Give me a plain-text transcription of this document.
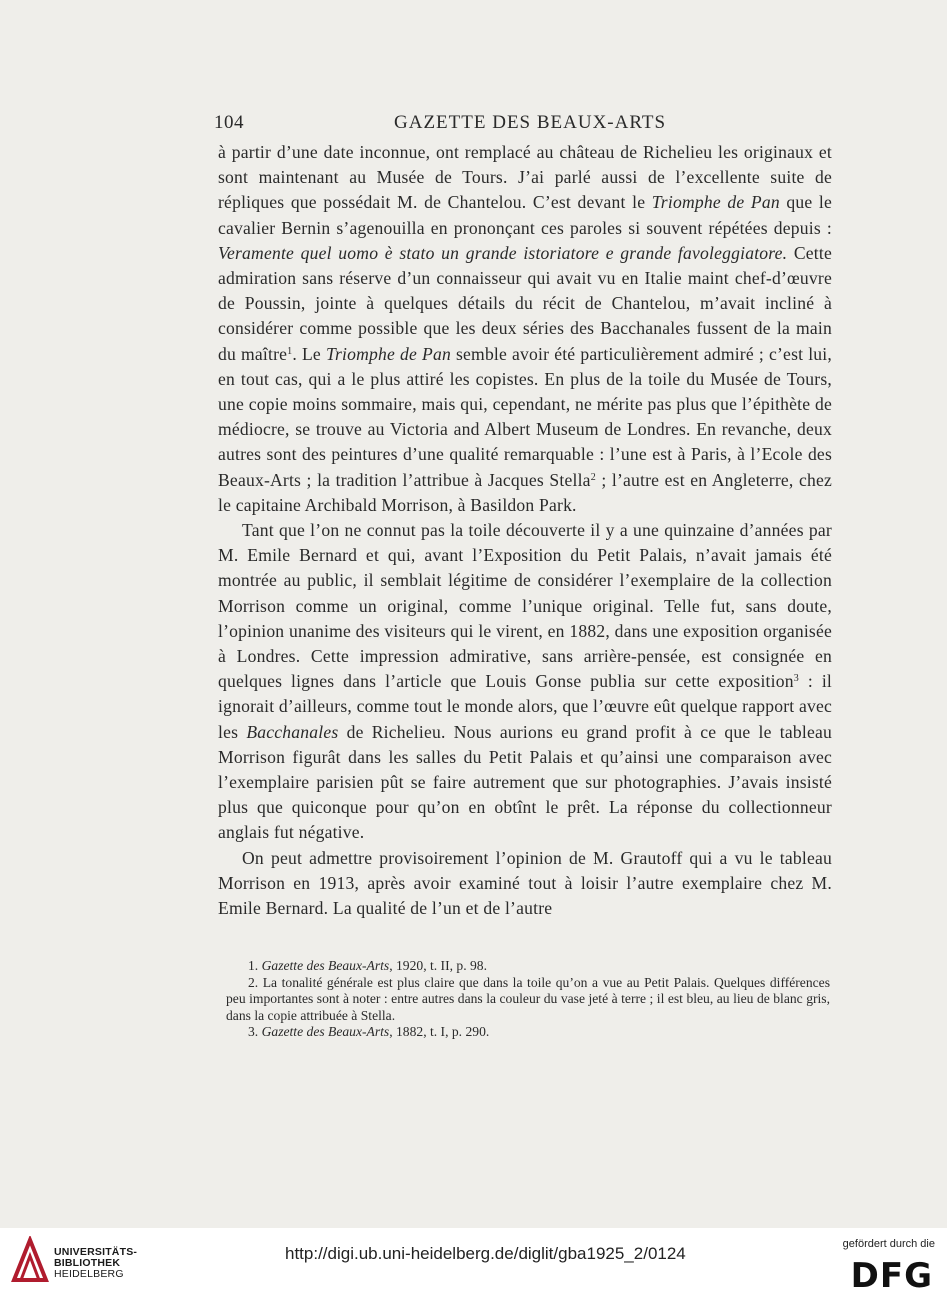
104	GAZETTE DES BEAUX-ARTS

à partir d’une date inconnue, ont remplacé au château de Richelieu les originaux et sont maintenant au Musée de Tours. J’ai parlé aussi de l’excellente suite de répliques que possédait M. de Chantelou. C’est devant le Triomphe de Pan que le cavalier Bernin s’agenouilla en prononçant ces paroles si souvent répétées depuis : Veramente quel uomo è stato un grande istoriatore e grande favoleggiatore. Cette admiration sans réserve d’un connaisseur qui avait vu en Italie maint chef-d’œuvre de Poussin, jointe à quelques détails du récit de Chantelou, m’avait incliné à considérer comme possible que les deux séries des Bacchanales fussent de la main du maître$^1$. Le Triomphe de Pan semble avoir été particulièrement admiré ; c’est lui, en tout cas, qui a le plus attiré les copistes. En plus de la toile du Musée de Tours, une copie moins sommaire, mais qui, cependant, ne mérite pas plus que l’épithète de médiocre, se trouve au Victoria and Albert Museum de Londres. En revanche, deux autres sont des peintures d’une qualité remarquable : l’une est à Paris, à l’Ecole des Beaux-Arts ; la tradition l’attribue à Jacques Stella$^2$ ; l’autre est en Angleterre, chez le capitaine Archibald Morrison, à Basildon Park.

Tant que l’on ne connut pas la toile découverte il y a une quinzaine d’années par M. Emile Bernard et qui, avant l’Exposition du Petit Palais, n’avait jamais été montrée au public, il semblait légitime de considérer l’exemplaire de la collection Morrison comme un original, comme l’unique original. Telle fut, sans doute, l’opinion unanime des visiteurs qui le virent, en 1882, dans une exposition organisée à Londres. Cette impression admirative, sans arrière-pensée, est consignée en quelques lignes dans l’article que Louis Gonse publia sur cette exposition$^3$ : il ignorait d’ailleurs, comme tout le monde alors, que l’œuvre eût quelque rapport avec les Bacchanales de Richelieu. Nous aurions eu grand profit à ce que le tableau Morrison figurât dans les salles du Petit Palais et qu’ainsi une comparaison avec l’exemplaire parisien pût se faire autrement que sur photographies. J’avais insisté plus que quiconque pour qu’on en obtînt le prêt. La réponse du collectionneur anglais fut négative.

On peut admettre provisoirement l’opinion de M. Grautoff qui a vu le tableau Morrison en 1913, après avoir examiné tout à loisir l’autre exemplaire chez M. Emile Bernard. La qualité de l’un et de l’autre

1. Gazette des Beaux-Arts, 1920, t. II, p. 98.

2. La tonalité générale est plus claire que dans la toile qu’on a vue au Petit Palais. Quelques différences peu importantes sont à noter : entre autres dans la couleur du vase jeté à terre ; il est bleu, au lieu de blanc gris, dans la copie attribuée à Stella.

3. Gazette des Beaux-Arts, 1882, t. I, p. 290.

UNIVERSITÄTS-
BIBLIOTHEK
HEIDELBERG
http://digi.ub.uni-heidelberg.de/diglit/gba1925_2/0124	gefördert durch die
DFG
